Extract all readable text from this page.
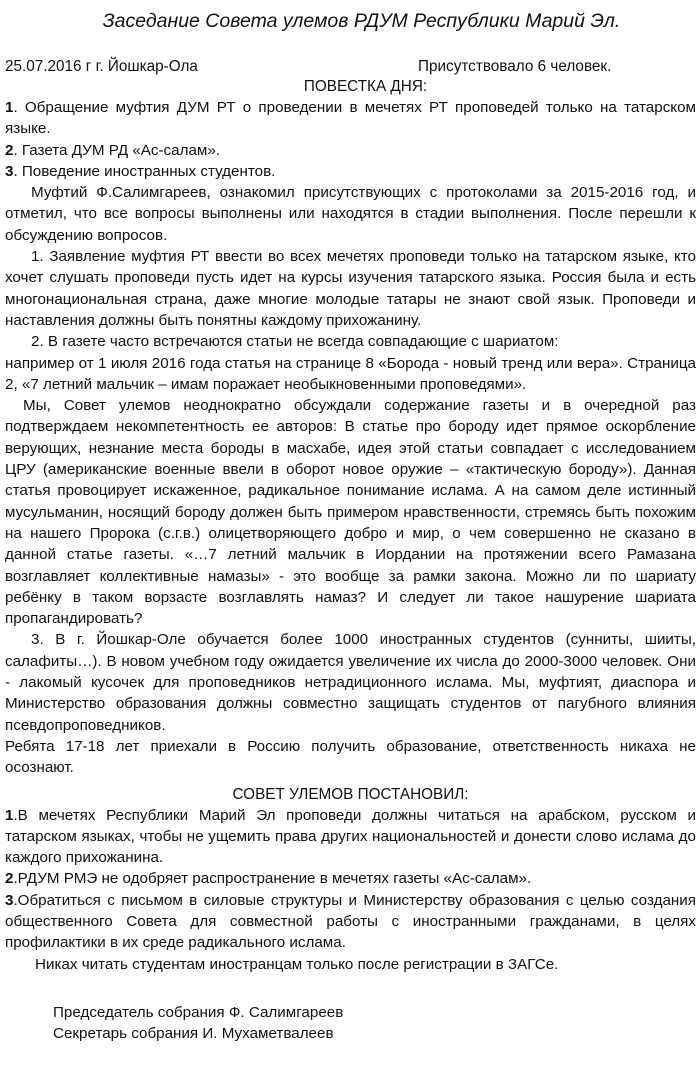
Заседание Совета улемов РДУМ Республики Марий Эл.
25.07.2016 г г. Йошкар-Ола	Присутствовало 6 человек.
ПОВЕСТКА ДНЯ:

1. Обращение муфтия ДУМ РТ о проведении в мечетях РТ проповедей только на татарском языке.

2. Газета ДУМ РД «Ас-салам».

3. Поведение иностранных студентов.

Муфтий Ф.Салимгареев, ознакомил присутствующих с протоколами за 2015-2016 год, и отметил, что все вопросы выполнены или находятся в стадии выполнения. После перешли к обсуждению вопросов.

1. Заявление муфтия РТ ввести во всех мечетях проповеди только на татарском языке, кто хочет слушать проповеди пусть идет на курсы изучения татарского языка. Россия была и есть многонациональная страна, даже многие молодые татары не знают свой язык. Проповеди и наставления должны быть понятны каждому прихожанину.

2. В газете часто встречаются статьи не всегда совпадающие с шариатом:

например от 1 июля 2016 года статья на странице 8 «Борода - новый тренд или вера». Страница 2, «7 летний мальчик – имам поражает необыкновенными проповедями».

Мы, Совет улемов неоднократно обсуждали содержание газеты и в очередной раз подтверждаем некомпетентность ее авторов: В статье про бороду идет прямое оскорбление верующих, незнание места бороды в масхабе, идея этой статьи совпадает с исследованием ЦРУ (американские военные ввели в оборот новое оружие – «тактическую бороду»). Данная статья провоцирует искаженное, радикальное понимание ислама. А на самом деле истинный мусульманин, носящий бороду должен быть примером нравственности, стремясь быть похожим на нашего Пророка (с.г.в.) олицетворяющего добро и мир, о чем совершенно не сказано в данной статье газеты. «…7 летний мальчик в Иордании на протяжении всего Рамазана возглавляет коллективные намазы» - это вообще за рамки закона. Можно ли по шариату ребёнку в таком ворзасте возглавлять намаз? И следует ли такое нашурение шариата пропагандировать?

3. В г. Йошкар-Оле обучается более 1000 иностранных студентов (сунниты, шииты, салафиты…). В новом учебном году ожидается увеличение их числа до 2000-3000 человек. Они - лакомый кусочек для проповедников нетрадиционного ислама. Мы, муфтият, диаспора и Министерство образования должны совместно защищать студентов от пагубного влияния псевдопроповедников.

Ребята 17-18 лет приехали в Россию получить образование, ответственность никаха не осознают.

СОВЕТ УЛЕМОВ ПОСТАНОВИЛ:

1.В мечетях Республики Марий Эл проповеди должны читаться на арабском, русском и татарском языках, чтобы не ущемить права других национальностей и донести слово ислама до каждого прихожанина.

2.РДУМ РМЭ не одобряет распространение в мечетях газеты «Ас-салам».

3.Обратиться с письмом в силовые структуры и Министерству образования с целью создания общественного Совета для совместной работы с иностранными гражданами, в целях профилактики в их среде радикального ислама.

Никах читать студентам иностранцам только после регистрации в ЗАГСе.

Председатель собрания Ф. Салимгареев

Секретарь собрания И. Мухаметвалеев
